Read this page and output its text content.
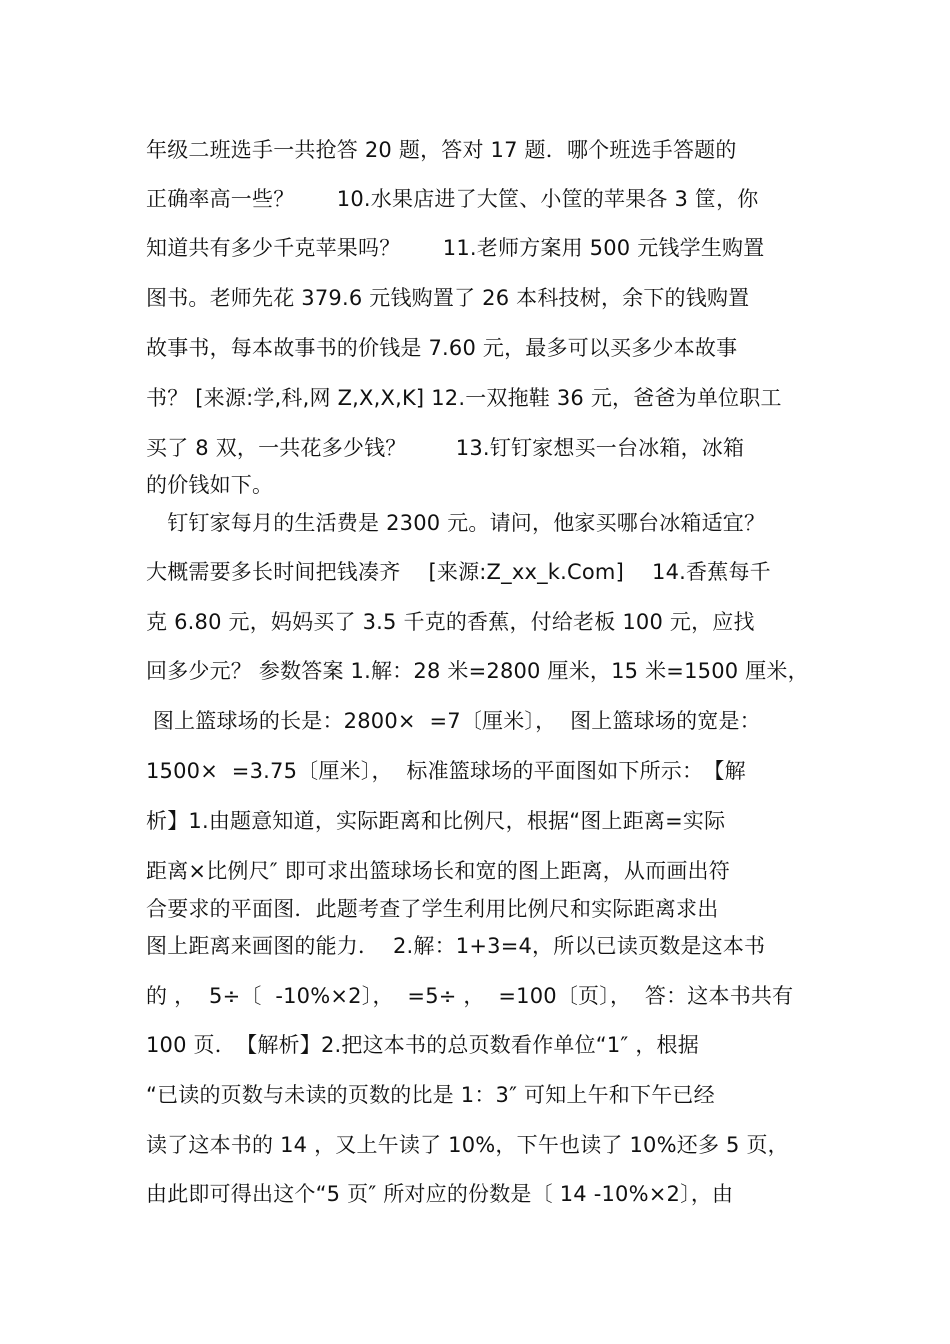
年级二班选手一共抢答 20 题，答对 17 题．哪个班选手答题的
正确率高一些？　　10.水果店进了大筐、小筐的苹果各 3 筐，你
知道共有多少千克苹果吗？　　11.老师方案用 500 元钱学生购置
图书。老师先花 379.6 元钱购置了 26 本科技树，余下的钱购置
故事书，每本故事书的价钱是 7.60 元，最多可以买多少本故事
书？ [来源:学,科,网 Z,X,X,K] 12.一双拖鞋 36 元，爸爸为单位职工
买了 8 双，一共花多少钱？　　 13.钉钉家想买一台冰箱，冰箱
的价钱如下。
　钉钉家每月的生活费是 2300 元。请问，他家买哪台冰箱适宜？
大概需要多长时间把钱凑齐　 [来源:Z_xx_k.Com]　 14.香蕉每千
克 6.80 元，妈妈买了 3.5 千克的香蕉，付给老板 100 元，应找
回多少元？ 参数答案 1.解：28 米=2800 厘米，15 米=1500 厘米，
图上篮球场的长是：2800×  =7〔厘米〕，  图上篮球场的宽是：
1500×  =3.75〔厘米〕，  标准篮球场的平面图如下所示：　【解
析】1.由题意知道，实际距离和比例尺，根据“图上距离=实际
距离×比例尺″ 即可求出篮球场长和宽的图上距离，从而画出符
合要求的平面图．此题考查了学生利用比例尺和实际距离求出
图上距离来画图的能力．  2.解：1+3=4，所以已读页数是这本书
的 ，  5÷〔  -10%×2〕，  =5÷ ，  =100〔页〕，  答：这本书共有
100 页．　【解析】2.把这本书的总页数看作单位“1″ ，根据
“已读的页数与未读的页数的比是 1：3″ 可知上午和下午已经
读了这本书的 14 ，又上午读了 10%，下午也读了 10%还多 5 页，
由此即可得出这个“5 页″ 所对应的份数是〔 14 -10%×2〕，由
